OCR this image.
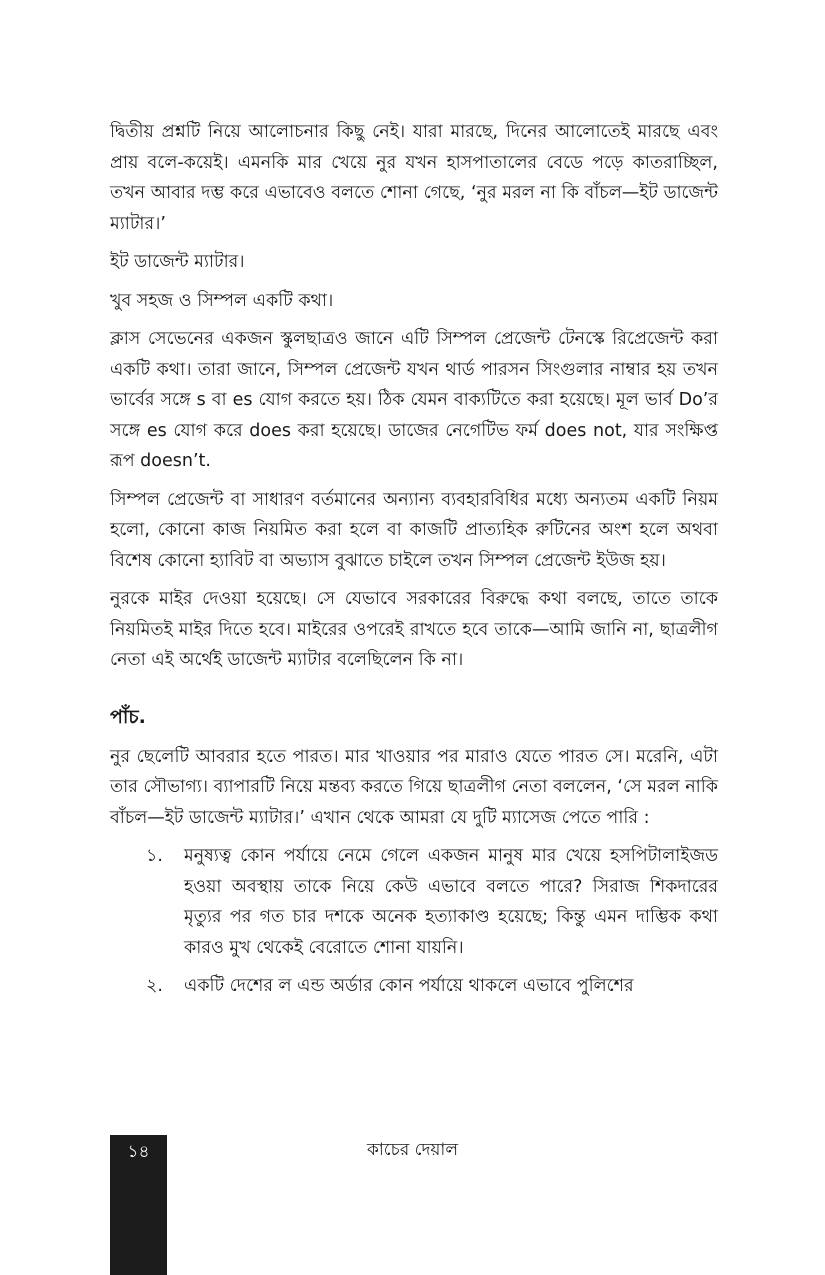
দ্বিতীয় প্রশ্নটি নিয়ে আলোচনার কিছু নেই। যারা মারছে, দিনের আলোতেই মারছে এবং প্রায় বলে-কয়েই। এমনকি মার খেয়ে নুর যখন হাসপাতালের বেডে পড়ে কাতরাচ্ছিল, তখন আবার দম্ভ করে এভাবেও বলতে শোনা গেছে, ‘নুর মরল না কি বাঁচল—ইট ডাজেন্ট ম্যাটার।’

ইট ডাজেন্ট ম্যাটার।

খুব সহজ ও সিম্পল একটি কথা।

ক্লাস সেভেনের একজন স্কুলছাত্রও জানে এটি সিম্পল প্রেজেন্ট টেনস্কে রিপ্রেজেন্ট করা একটি কথা। তারা জানে, সিম্পল প্রেজেন্ট যখন থার্ড পারসন সিংগুলার নাম্বার হয় তখন ভার্বের সঙ্গে s বা es যোগ করতে হয়। ঠিক যেমন বাক্যটিতে করা হয়েছে। মূল ভার্ব Do’র সঙ্গে es যোগ করে does করা হয়েছে। ডাজের নেগেটিভ ফর্ম does not, যার সংক্ষিপ্ত রূপ doesn’t.

সিম্পল প্রেজেন্ট বা সাধারণ বর্তমানের অন্যান্য ব্যবহারবিধির মধ্যে অন্যতম একটি নিয়ম হলো, কোনো কাজ নিয়মিত করা হলে বা কাজটি প্রাত্যহিক রুটিনের অংশ হলে অথবা বিশেষ কোনো হ্যাবিট বা অভ্যাস বুঝাতে চাইলে তখন সিম্পল প্রেজেন্ট ইউজ হয়।

নুরকে মাইর দেওয়া হয়েছে। সে যেভাবে সরকারের বিরুদ্ধে কথা বলছে, তাতে তাকে নিয়মিতই মাইর দিতে হবে। মাইরের ওপরেই রাখতে হবে তাকে—আমি জানি না, ছাত্রলীগ নেতা এই অর্থেই ডাজেন্ট ম্যাটার বলেছিলেন কি না।

পাঁচ.

নুর ছেলেটি আবরার হতে পারত। মার খাওয়ার পর মারাও যেতে পারত সে। মরেনি, এটা তার সৌভাগ্য। ব্যাপারটি নিয়ে মন্তব্য করতে গিয়ে ছাত্রলীগ নেতা বললেন, ‘সে মরল নাকি বাঁচল—ইট ডাজেন্ট ম্যাটার।’ এখান থেকে আমরা যে দুটি ম্যাসেজ পেতে পারি :

১.	মনুষ্যত্ব কোন পর্যায়ে নেমে গেলে একজন মানুষ মার খেয়ে হসপিটালাইজড হওয়া অবস্থায় তাকে নিয়ে কেউ এভাবে বলতে পারে? সিরাজ শিকদারের মৃত্যুর পর গত চার দশকে অনেক হত্যাকাণ্ড হয়েছে; কিন্তু এমন দাম্ভিক কথা কারও মুখ থেকেই বেরোতে শোনা যায়নি।
২.	একটি দেশের ল এন্ড অর্ডার কোন পর্যায়ে থাকলে এভাবে পুলিশের
১৪	কাচের দেয়াল
